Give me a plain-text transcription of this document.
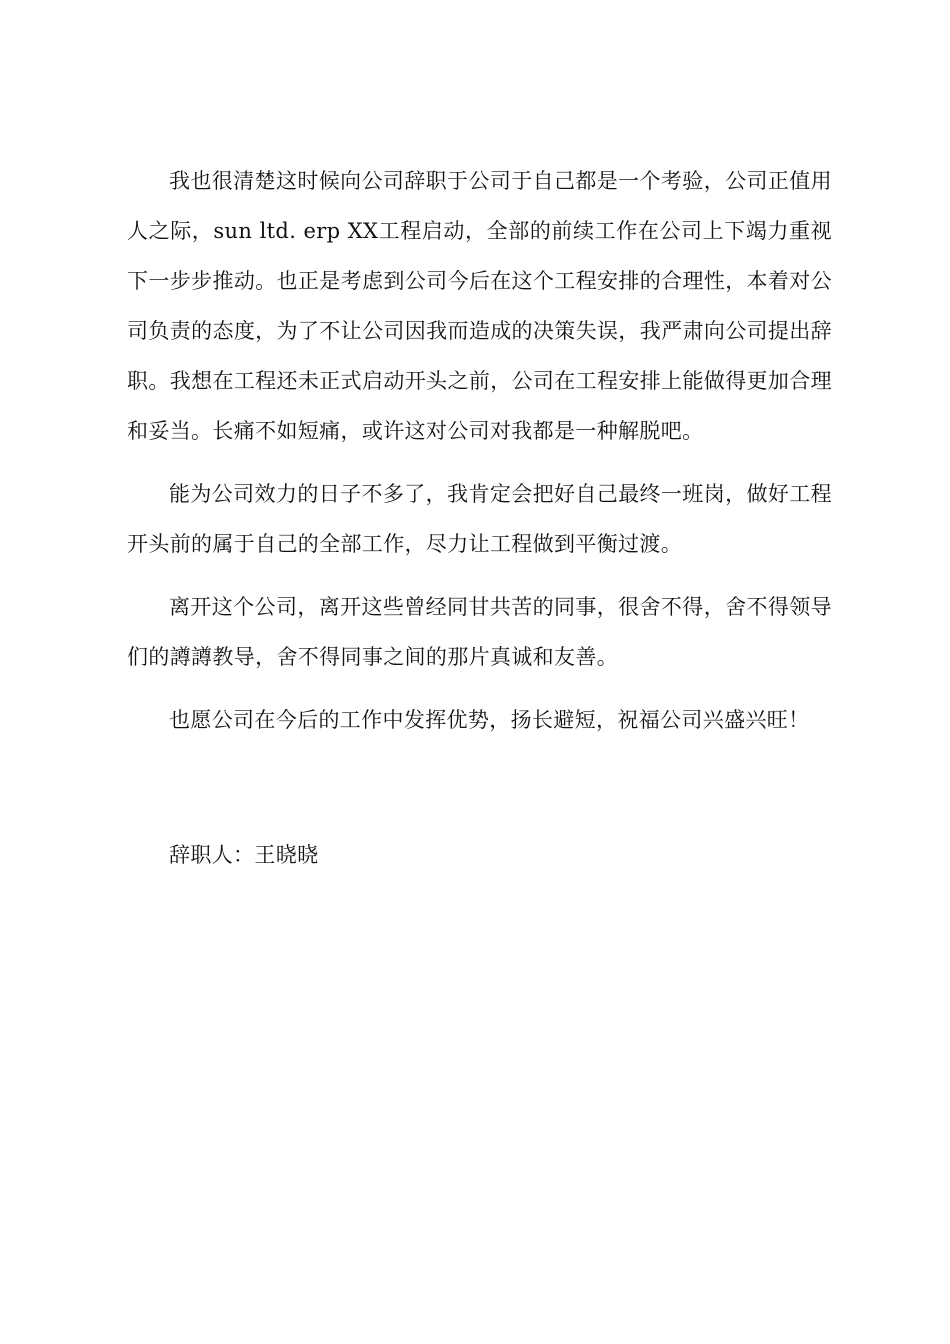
我也很清楚这时候向公司辞职于公司于自己都是一个考验，公司正值用人之际，sun ltd. erp XX工程启动，全部的前续工作在公司上下竭力重视下一步步推动。也正是考虑到公司今后在这个工程安排的合理性，本着对公司负责的态度，为了不让公司因我而造成的决策失误，我严肃向公司提出辞职。我想在工程还未正式启动开头之前，公司在工程安排上能做得更加合理和妥当。长痛不如短痛，或许这对公司对我都是一种解脱吧。

能为公司效力的日子不多了，我肯定会把好自己最终一班岗，做好工程开头前的属于自己的全部工作，尽力让工程做到平衡过渡。

离开这个公司，离开这些曾经同甘共苦的同事，很舍不得，舍不得领导们的譐譐教导，舍不得同事之间的那片真诚和友善。

也愿公司在今后的工作中发挥优势，扬长避短，祝福公司兴盛兴旺！

辞职人：王晓晓
